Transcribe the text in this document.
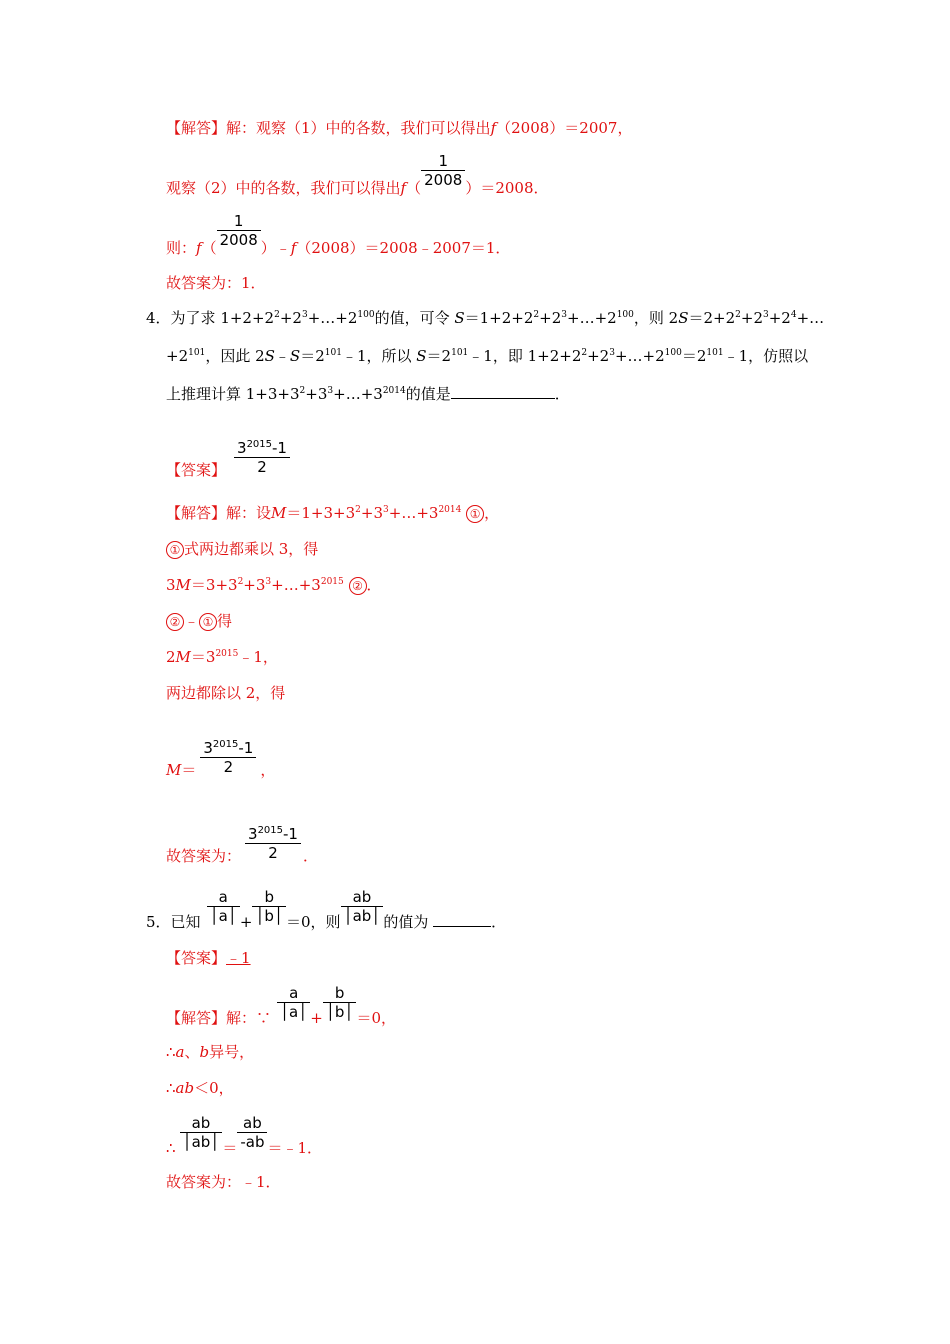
【解答】解：观察（1）中的各数，我们可以得出f（2008）＝2007，
观察（2）中的各数，我们可以得出$f( \frac{1}{2008} )=2008$．
则：$f( \frac{1}{2008}$ ）﹣f（2008）＝2008﹣2007＝1．
故答案为：1．
4．为了求 $1+2+2^2+2^3+\dots+2^{100}$的值，可令 $S=1+2+2^2+2^3+\dots+2^{100}$，则 $2S=2+2^2+2^3+2^4+\dots$
$+2^{101}$，因此 $2S﹣S=2^{101}﹣1$，所以 $S=2^{101}﹣1$，即 $1+2+2^2+2^3+\dots+2^{100}=2^{101}﹣1$，仿照以
上推理计算 $1+3+3^2+3^3+\dots+3^{2014}$的值是	．
【答案】 $\frac{3^{2015}-1}{2}$
【解答】解：设$M=1+3+3^2+3^3+\dots+3^{2014}$ ① ，
① 式两边都乘以 3，得
$3M=3+3^2+3^3+\dots+3^{2015}$ ② ．
② ﹣ ① 得
$2M=3^{2015}﹣1$，
两边都除以 2，得
$M= \frac{3^{2015}-1}{2}$ ，
故答案为： $\frac{3^{2015}-1}{2}$ ．
5．已知 $\frac{a}{│a│} + \frac{b}{│b│} =0$，则 $\frac{ab}{│ab│}$ 的值为	．
【答案】﹣1
【解答】解：∵ $\frac{a}{│a│} + \frac{b}{│b│} =0$，
∴a、b异号，
∴ab＜0，
∴ $\frac{ab}{│ab│} = \frac{ab}{-ab}$ ＝﹣1．
故答案为：﹣1．
